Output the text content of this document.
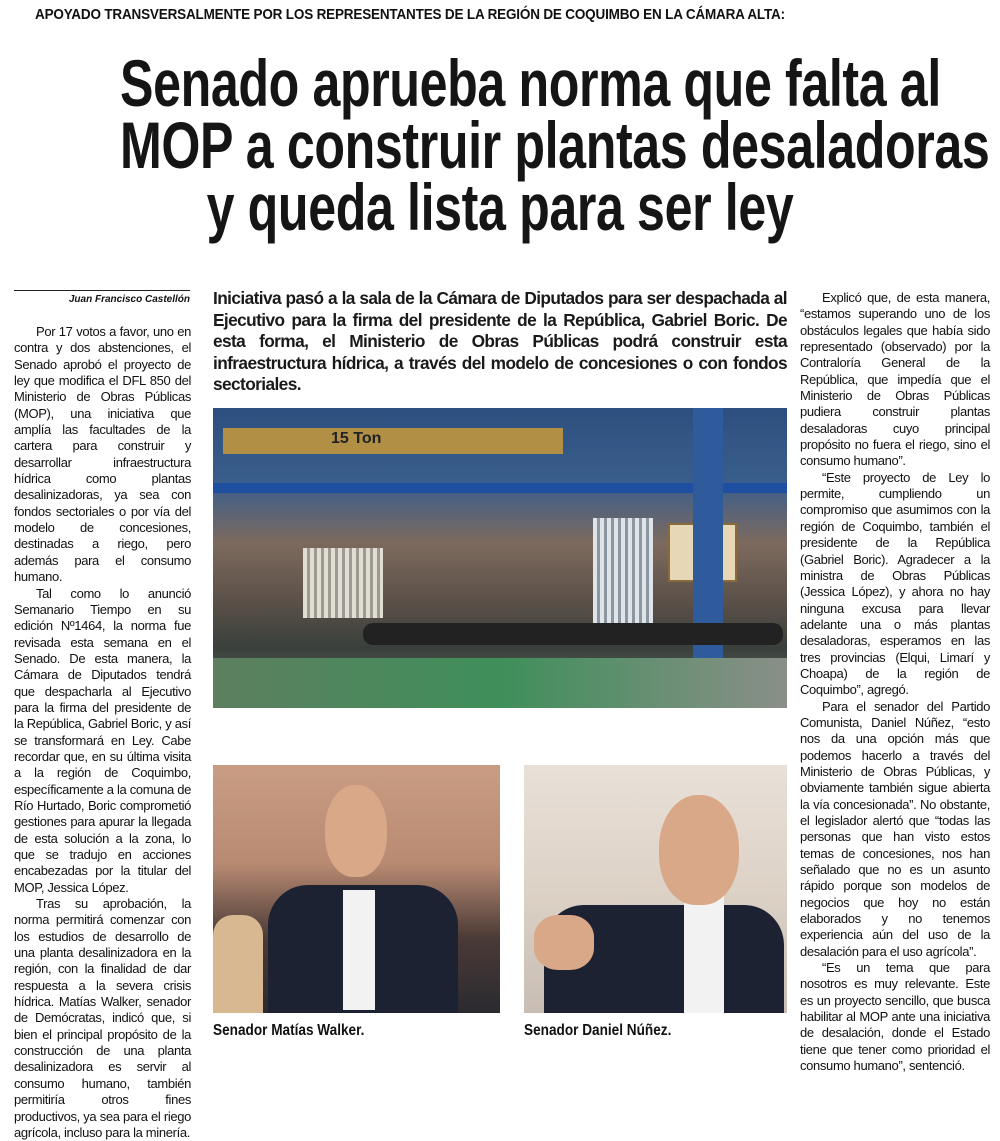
APOYADO TRANSVERSALMENTE POR LOS REPRESENTANTES DE LA REGIÓN DE COQUIMBO EN LA CÁMARA ALTA:
Senado aprueba norma que falta al
MOP a construir plantas desaladoras
y queda lista para ser ley
Juan Francisco Castellón

Por 17 votos a favor, uno en contra y dos abstenciones, el Senado aprobó el proyecto de ley que modifica el DFL 850 del Ministerio de Obras Públicas (MOP), una iniciativa que amplía las facultades de la cartera para construir y desarrollar infraestructura hídrica como plantas desalinizadoras, ya sea con fondos sectoriales o por vía del modelo de concesiones, destinadas a riego, pero además para el consumo humano.

Tal como lo anunció Semanario Tiempo en su edición Nº1464, la norma fue revisada esta semana en el Senado. De esta manera, la Cámara de Diputados tendrá que despacharla al Ejecutivo para la firma del presidente de la República, Gabriel Boric, y así se transformará en Ley. Cabe recordar que, en su última visita a la región de Coquimbo, específicamente a la comuna de Río Hurtado, Boric comprometió gestiones para apurar la llegada de esta solución a la zona, lo que se tradujo en acciones encabezadas por la titular del MOP, Jessica López.

Tras su aprobación, la norma permitirá comenzar con los estudios de desarrollo de una planta desalinizadora en la región, con la finalidad de dar respuesta a la severa crisis hídrica. Matías Walker, senador de Demócratas, indicó que, si bien el principal propósito de la construcción de una planta desalinizadora es servir al consumo humano, también permitiría otros fines productivos, ya sea para el riego agrícola, incluso para la minería.

Iniciativa pasó a la sala de la Cámara de Diputados para ser despachada al Ejecutivo para la firma del presidente de la República, Gabriel Boric. De esta forma, el Ministerio de Obras Públicas podrá construir esta infraestructura hídrica, a través del modelo de concesiones o con fondos sectoriales.
15 Ton
Senador Matías Walker.	Senador Daniel Núñez.

Explicó que, de esta manera, “estamos superando uno de los obstáculos legales que había sido representado (observado) por la Contraloría General de la República, que impedía que el Ministerio de Obras Públicas pudiera construir plantas desaladoras cuyo principal propósito no fuera el riego, sino el consumo humano”.

“Este proyecto de Ley lo permite, cumpliendo un compromiso que asumimos con la región de Coquimbo, también el presidente de la República (Gabriel Boric). Agradecer a la ministra de Obras Públicas (Jessica López), y ahora no hay ninguna excusa para llevar adelante una o más plantas desaladoras, esperamos en las tres provincias (Elqui, Limarí y Choapa) de la región de Coquimbo”, agregó.

Para el senador del Partido Comunista, Daniel Núñez, “esto nos da una opción más que podemos hacerlo a través del Ministerio de Obras Públicas, y obviamente también sigue abierta la vía concesionada”. No obstante, el legislador alertó que “todas las personas que han visto estos temas de concesiones, nos han señalado que no es un asunto rápido porque son modelos de negocios que hoy no están elaborados y no tenemos experiencia aún del uso de la desalación para el uso agrícola”.

“Es un tema que para nosotros es muy relevante. Este es un proyecto sencillo, que busca habilitar al MOP ante una iniciativa de desalación, donde el Estado tiene que tener como prioridad el consumo humano”, sentenció.
